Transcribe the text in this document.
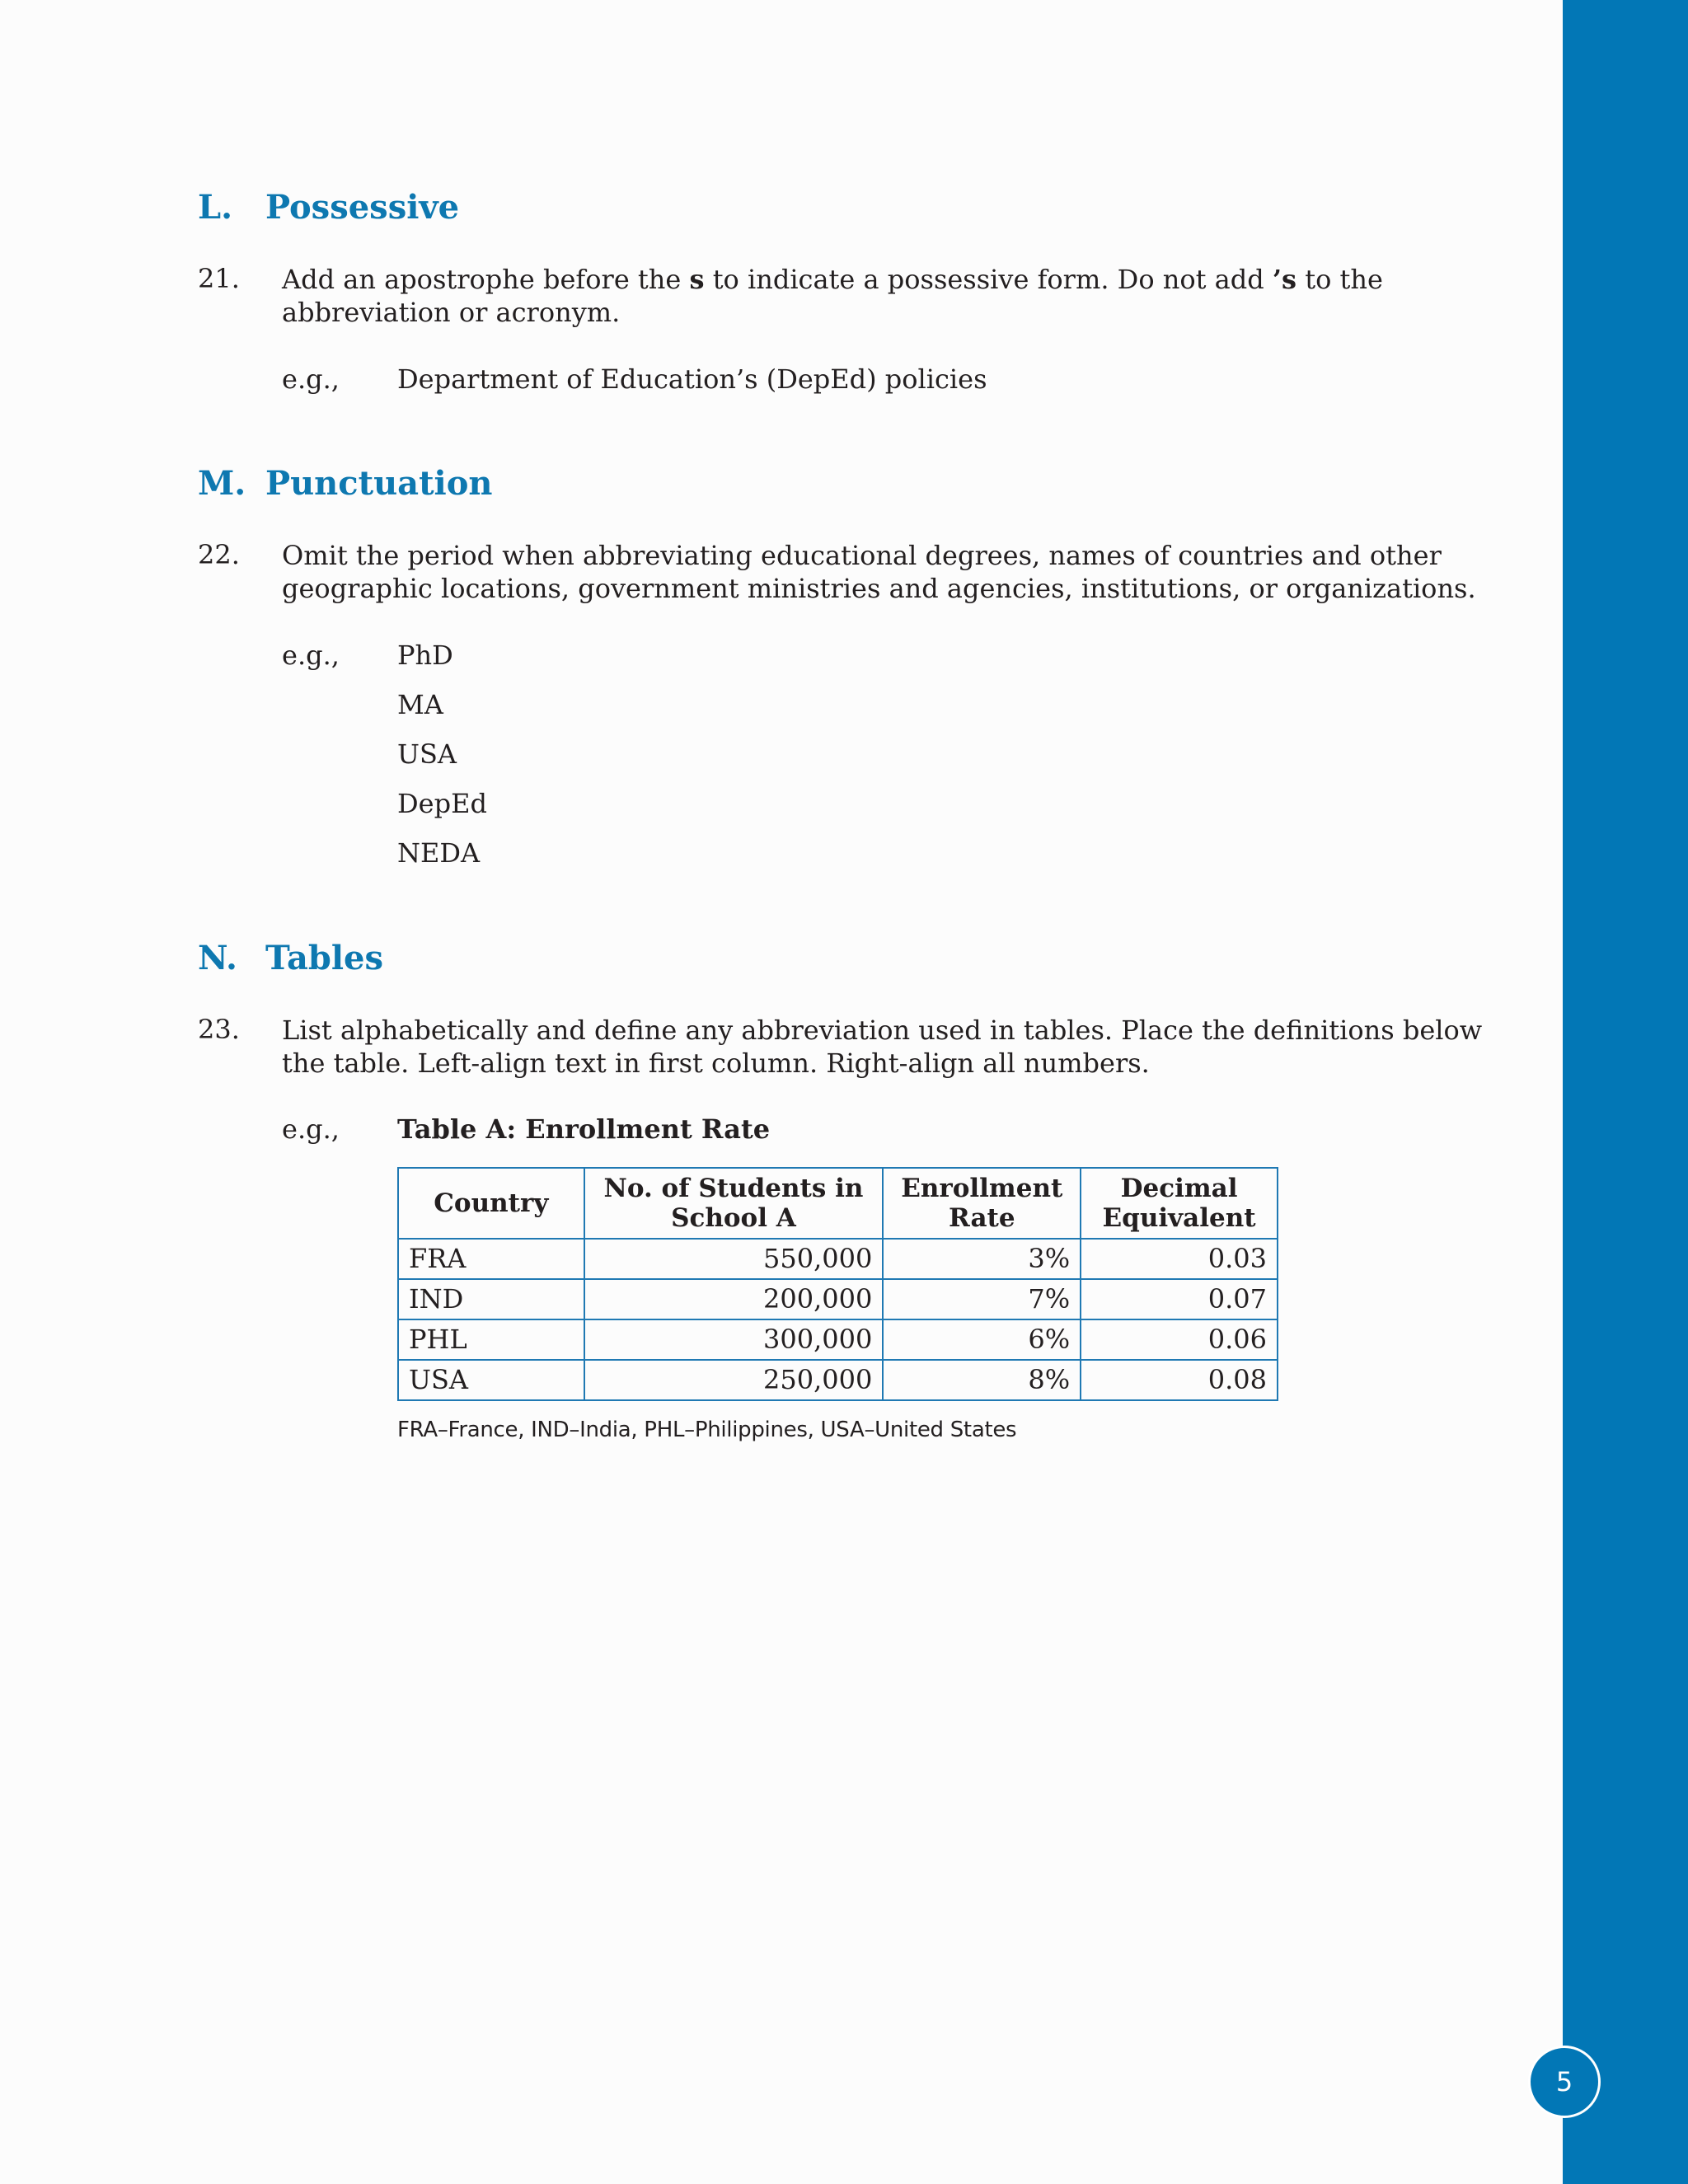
5
L. Possessive
21. Add an apostrophe before the s to indicate a possessive form. Do not add ’s to the abbreviation or acronym.

e.g., Department of Education’s (DepEd) policies
M. Punctuation
22. Omit the period when abbreviating educational degrees, names of countries and other geographic locations, government ministries and agencies, institutions, or organizations.

e.g., PhD
MA
USA
DepEd
NEDA
N. Tables
23. List alphabetically and define any abbreviation used in tables. Place the definitions below the table. Left-align text in first column. Right-align all numbers.

e.g., Table A: Enrollment Rate
Country	No. of Students in School A	Enrollment Rate	Decimal Equivalent
FRA	550,000	3%	0.03
IND	200,000	7%	0.07
PHL	300,000	6%	0.06
USA	250,000	8%	0.08
FRA–France, IND–India, PHL–Philippines, USA–United States
